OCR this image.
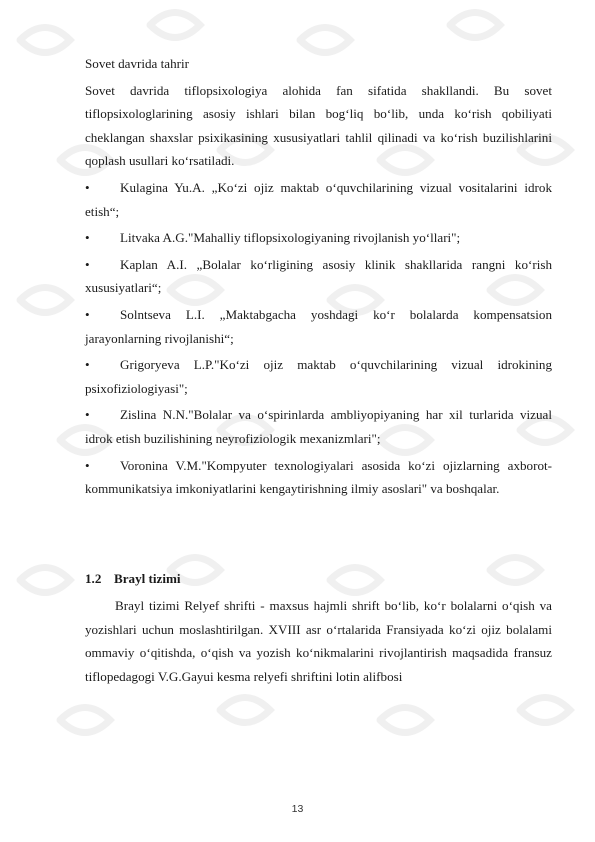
Sovet davrida tahrir

Sovet davrida tiflopsixologiya alohida fan sifatida shakllandi. Bu sovet tiflopsixologlarining asosiy ishlari bilan bog‘liq bo‘lib, unda ko‘rish qobiliyati cheklangan shaxslar psixikasining xususiyatlari tahlil qilinadi va ko‘rish buzilishlarini qoplash usullari ko‘rsatiladi.

• Kulagina Yu.A. „Ko‘zi ojiz maktab o‘quvchilarining vizual vositalarini idrok etish“;

• Litvaka A.G."Mahalliy tiflopsixologiyaning rivojlanish yo‘llari";

• Kaplan A.I. „Bolalar ko‘rligining asosiy klinik shakllarida rangni ko‘rish xususiyatlari“;

• Solntseva L.I. „Maktabgacha yoshdagi ko‘r bolalarda kompensatsion jarayonlarning rivojlanishi“;

• Grigoryeva L.P."Ko‘zi ojiz maktab o‘quvchilarining vizual idrokining psixofiziologiyasi";

• Zislina N.N."Bolalar va o‘spirinlarda ambliyopiyaning har xil turlarida vizual idrok etish buzilishining neyrofiziologik mexanizmlari";

• Voronina V.M."Kompyuter texnologiyalari asosida ko‘zi ojizlarning axborot-kommunikatsiya imkoniyatlarini kengaytirishning ilmiy asoslari" va boshqalar.

1.2 Brayl tizimi

Brayl tizimi Relyef shrifti - maxsus hajmli shrift bo‘lib, ko‘r bolalarni o‘qish va yozishlari uchun moslashtirilgan. XVIII asr o‘rtalarida Fransiyada ko‘zi ojiz bolalami ommaviy o‘qitishda, o‘qish va yozish ko‘nikmalarini rivojlantirish maqsadida fransuz tiflopedagogi V.G.Gayui kesma relyefi shriftini lotin alifbosi

13
